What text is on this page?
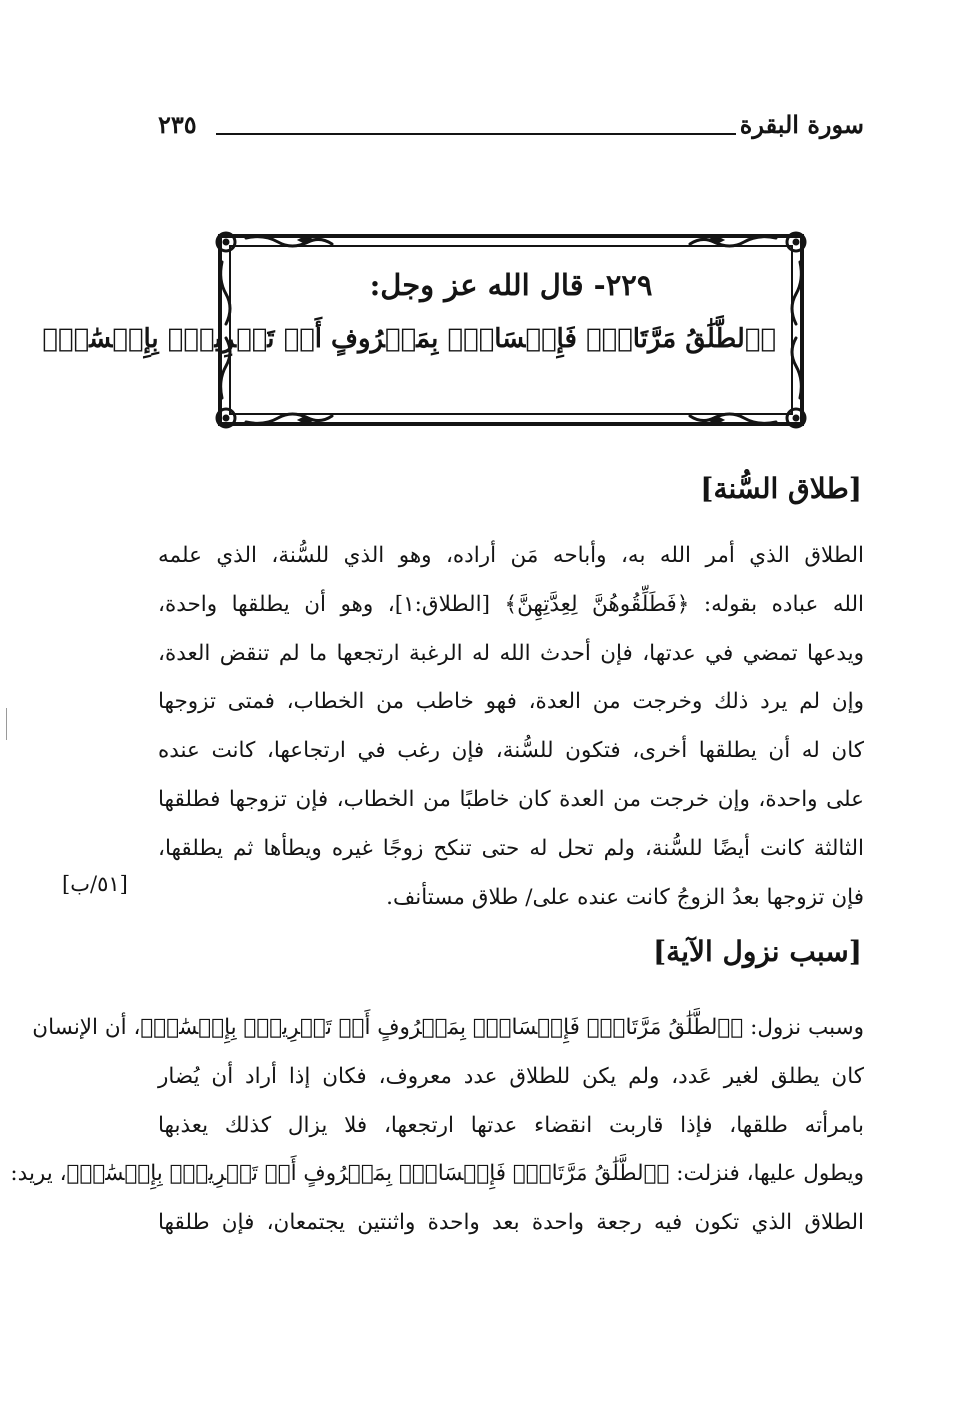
سورة البقرة
٢٣٥
٢٢٩- قال الله عز وجل:
﴿ٱلطَّلَٰقُ مَرَّتَانِۖ فَإِمۡسَاكُۢ بِمَعۡرُوفٍ أَوۡ تَسۡرِيحُۢ بِإِحۡسَٰنٖ﴾
[طلاق السُّنة]
الطلاق الذي أمر الله به، وأباحه مَن أراده، وهو الذي للسُّنة، الذي علمه
الله عباده بقوله: ﴿فَطَلِّقُوهُنَّ لِعِدَّتِهِنَّ﴾ [الطلاق:١]، وهو أن يطلقها واحدة،
ويدعها تمضي في عدتها، فإن أحدث الله له الرغبة ارتجعها ما لم تنقض العدة،
وإن لم يرد ذلك وخرجت من العدة، فهو خاطب من الخطاب، فمتى تزوجها
كان له أن يطلقها أخرى، فتكون للسُّنة، فإن رغب في ارتجاعها، كانت عنده
على واحدة، وإن خرجت من العدة كان خاطبًا من الخطاب، فإن تزوجها فطلقها
الثالثة كانت أيضًا للسُّنة، ولم تحل له حتى تنكح زوجًا غيره ويطأها ثم يطلقها،
فإن تزوجها بعدُ الزوجُ كانت عنده على/ طلاق مستأنف.
[٥١/ب]
[سبب نزول الآية]
وسبب نزول: ﴿ٱلطَّلَٰقُ مَرَّتَانِۖ فَإِمۡسَاكُۢ بِمَعۡرُوفٍ أَوۡ تَسۡرِيحُۢ بِإِحۡسَٰنٖ﴾، أن الإنسان
كان يطلق لغير عَدد، ولم يكن للطلاق عدد معروف، فكان إذا أراد أن يُضار
بامرأته طلقها، فإذا قاربت انقضاء عدتها ارتجعها، فلا يزال كذلك يعذبها
ويطول عليها، فنزلت: ﴿ٱلطَّلَٰقُ مَرَّتَانِۖ فَإِمۡسَاكُۢ بِمَعۡرُوفٍ أَوۡ تَسۡرِيحُۢ بِإِحۡسَٰنٖ﴾، يريد:
الطلاق الذي تكون فيه رجعة واحدة بعد واحدة واثنتين يجتمعان، فإن طلقها
